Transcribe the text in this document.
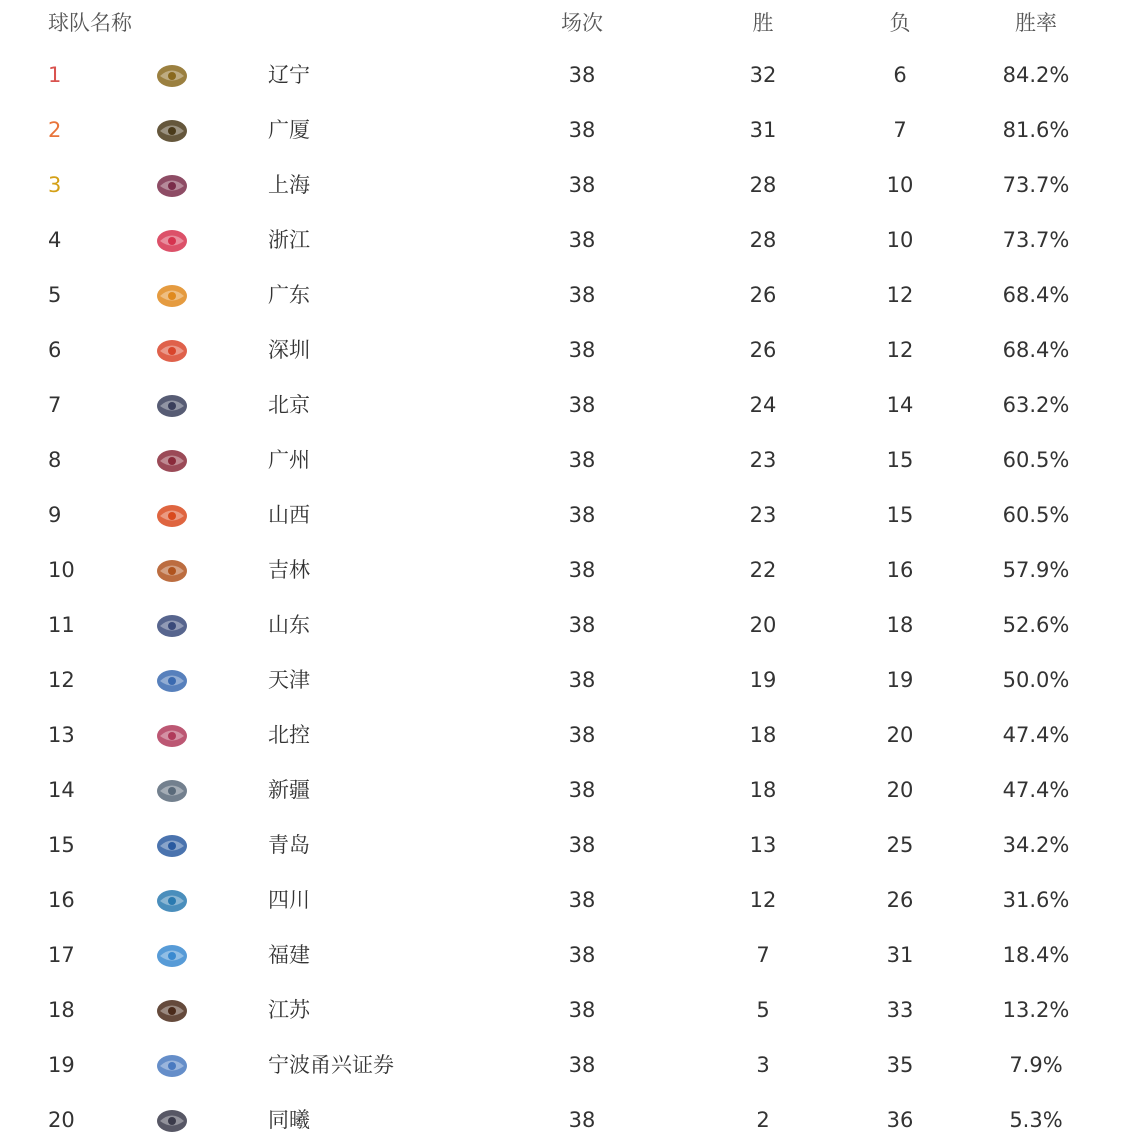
球队名称	场次	胜	负	胜率
1	辽宁	38	32	6	84.2%
2	广厦	38	31	7	81.6%
3	上海	38	28	10	73.7%
4	浙江	38	28	10	73.7%
5	广东	38	26	12	68.4%
6	深圳	38	26	12	68.4%
7	北京	38	24	14	63.2%
8	广州	38	23	15	60.5%
9	山西	38	23	15	60.5%
10	吉林	38	22	16	57.9%
11	山东	38	20	18	52.6%
12	天津	38	19	19	50.0%
13	北控	38	18	20	47.4%
14	新疆	38	18	20	47.4%
15	青岛	38	13	25	34.2%
16	四川	38	12	26	31.6%
17	福建	38	7	31	18.4%
18	江苏	38	5	33	13.2%
19	宁波甬兴证券	38	3	35	7.9%
20	同曦	38	2	36	5.3%
